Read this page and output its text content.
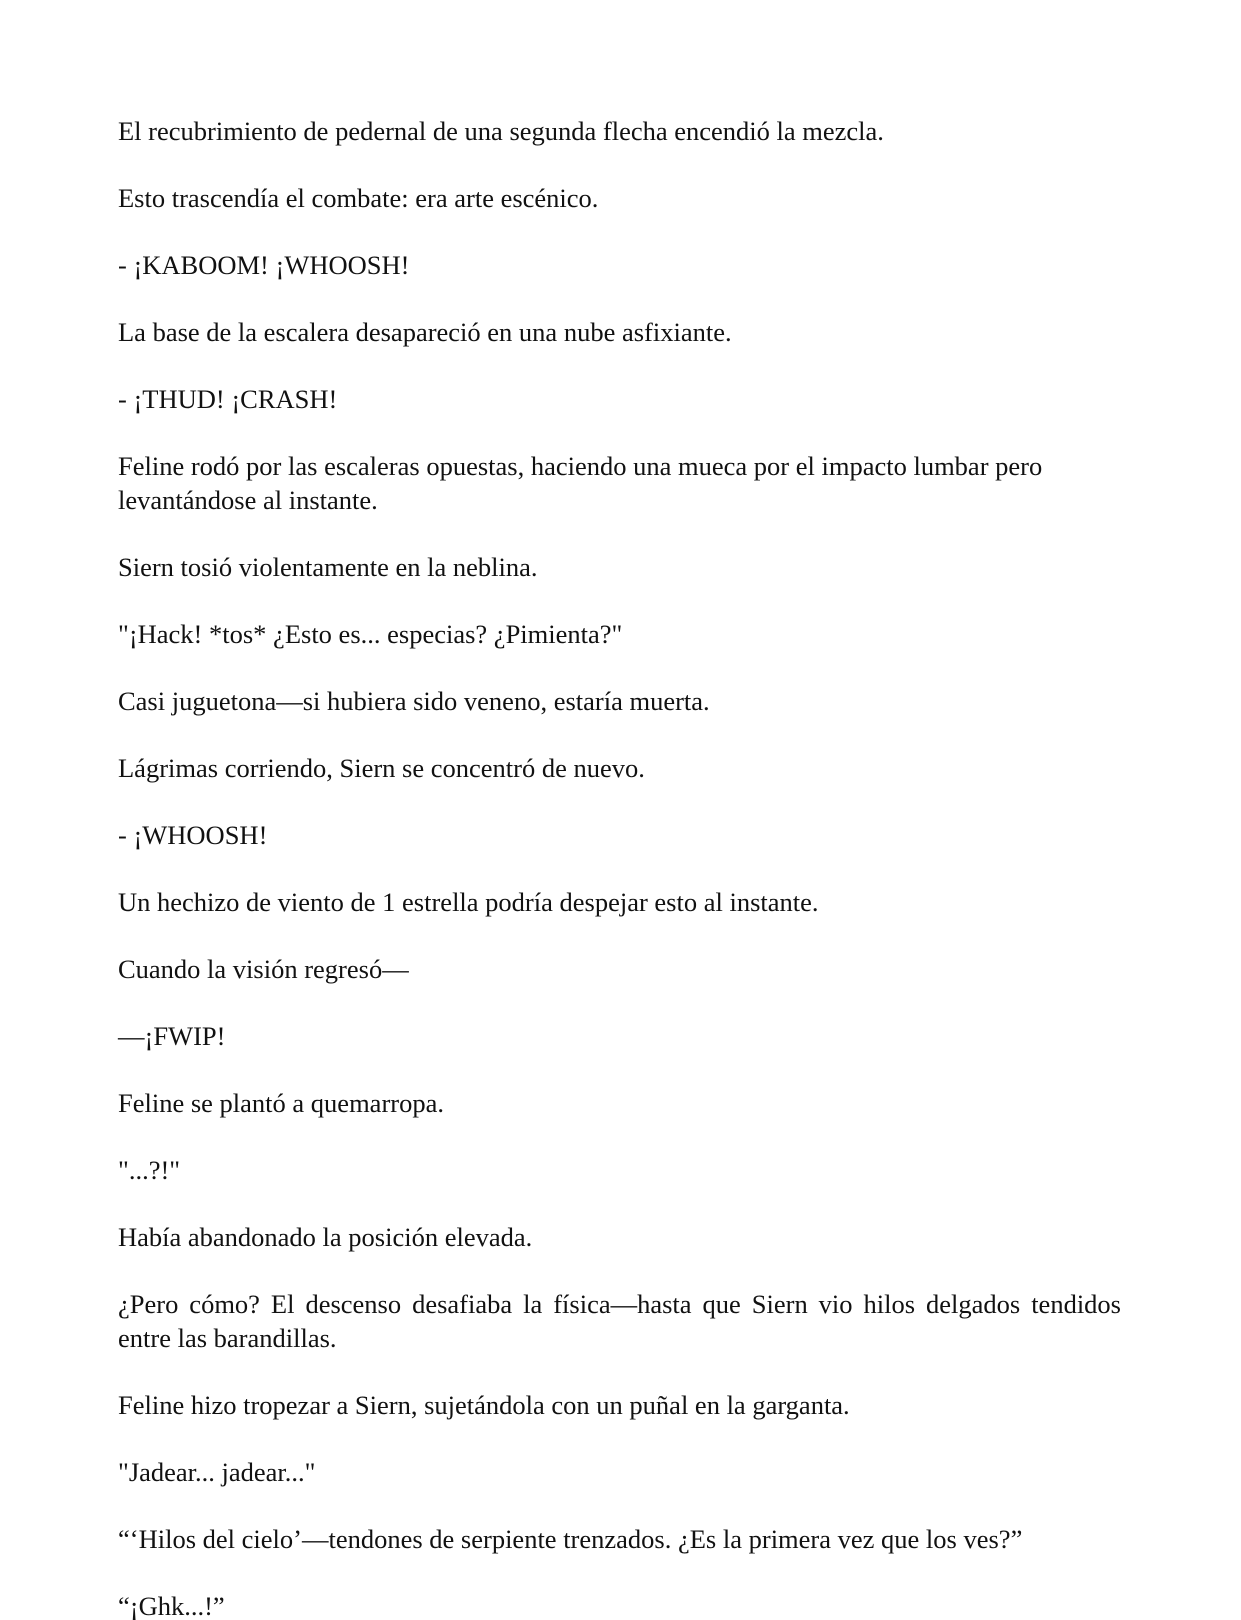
El recubrimiento de pedernal de una segunda flecha encendió la mezcla.

Esto trascendía el combate: era arte escénico.

- ¡KABOOM! ¡WHOOSH!

La base de la escalera desapareció en una nube asfixiante.

- ¡THUD! ¡CRASH!

Feline rodó por las escaleras opuestas, haciendo una mueca por el impacto lumbar pero levantándose al instante.

Siern tosió violentamente en la neblina.

"¡Hack! *tos* ¿Esto es... especias? ¿Pimienta?"

Casi juguetona—si hubiera sido veneno, estaría muerta.

Lágrimas corriendo, Siern se concentró de nuevo.

- ¡WHOOSH!

Un hechizo de viento de 1 estrella podría despejar esto al instante.

Cuando la visión regresó—

—¡FWIP!

Feline se plantó a quemarropa.

"...?!"

Había abandonado la posición elevada.

¿Pero cómo? El descenso desafiaba la física—hasta que Siern vio hilos delgados tendidos entre las barandillas.

Feline hizo tropezar a Siern, sujetándola con un puñal en la garganta.

"Jadear... jadear..."

“‘Hilos del cielo’—tendones de serpiente trenzados. ¿Es la primera vez que los ves?”

“¡Ghk...!”
